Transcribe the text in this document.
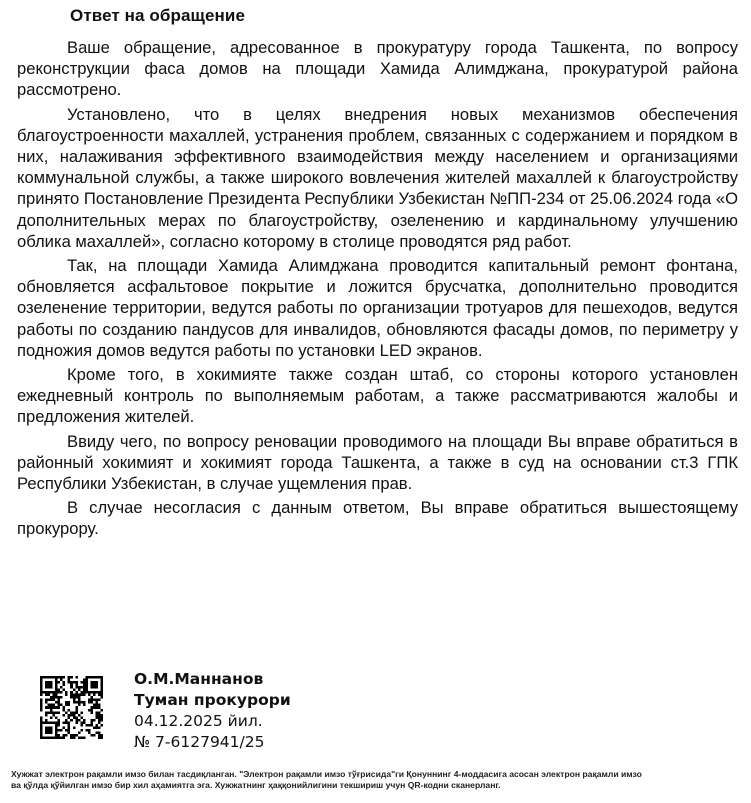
Ответ на обращение

Ваше обращение, адресованное в прокуратуру города Ташкента, по вопросу реконструкции фаса домов на площади Хамида Алимджана, прокуратурой района рассмотрено.

Установлено, что в целях внедрения новых механизмов обеспечения благоустроенности махаллей, устранения проблем, связанных с содержанием и порядком в них, налаживания эффективного взаимодействия между населением и организациями коммунальной службы, а также широкого вовлечения жителей махаллей к благоустройству принято Постановление Президента Республики Узбекистан №ПП-234 от 25.06.2024 года «О дополнительных мерах по благоустройству, озеленению и кардинальному улучшению облика махаллей», согласно которому в столице проводятся ряд работ.

Так, на площади Хамида Алимджана проводится капитальный ремонт фонтана, обновляется асфальтовое покрытие и ложится брусчатка, дополнительно проводится озеленение территории, ведутся работы по организации тротуаров для пешеходов, ведутся работы по созданию пандусов для инвалидов, обновляются фасады домов, по периметру у подножия домов ведутся работы по установки LED экранов.

Кроме того, в хокимияте также создан штаб, со стороны которого установлен ежедневный контроль по выполняемым работам, а также рассматриваются жалобы и предложения жителей.

Ввиду чего, по вопросу реновации проводимого на площади Вы вправе обратиться в районный хокимият и хокимият города Ташкента, а также в суд на основании ст.3 ГПК Республики Узбекистан, в случае ущемления прав.

В случае несогласия с данным ответом, Вы вправе обратиться вышестоящему прокурору.

О.М.Маннанов
Туман прокурори
04.12.2025 йил.
№ 7-6127941/25
Хужжат электрон рақамли имзо билан тасдиқланган. "Электрон рақамли имзо тўғрисида"ги Қонуннинг 4-моддасига асосан электрон рақамли имзо
ва қўлда қўйилган имзо бир хил аҳамиятга эга. Хужжатнинг ҳаққонийлигини текшириш учун QR-кодни сканерланг.
